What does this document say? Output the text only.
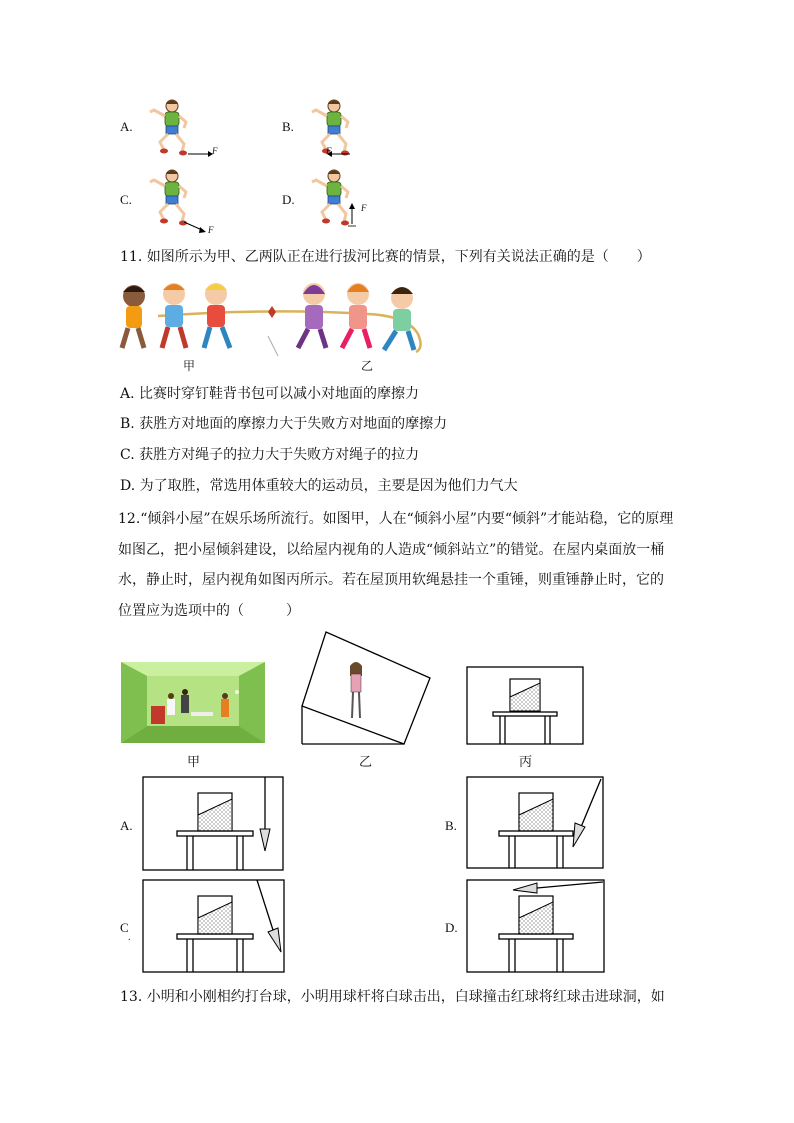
A.
F
B.
F
C.
F
D.
F
11. 如图所示为甲、乙两队正在进行拔河比赛的情景，下列有关说法正确的是（　　）
甲	乙
A. 比赛时穿钉鞋背书包可以减小对地面的摩擦力
B. 获胜方对地面的摩擦力大于失败方对地面的摩擦力
C. 获胜方对绳子的拉力大于失败方对绳子的拉力
D. 为了取胜，常选用体重较大的运动员，主要是因为他们力气大
12.“倾斜小屋”在娱乐场所流行。如图甲，人在“倾斜小屋”内要“倾斜”才能站稳，它的原理
如图乙，把小屋倾斜建设，以给屋内视角的人造成“倾斜站立”的错觉。在屋内桌面放一桶
水，静止时，屋内视角如图丙所示。若在屋顶用软绳悬挂一个重锤，则重锤静止时，它的
位置应为选项中的（　　　）
甲	乙	丙
A.	B.
C
.
D.
13. 小明和小刚相约打台球，小明用球杆将白球击出，白球撞击红球将红球击进球洞，如
